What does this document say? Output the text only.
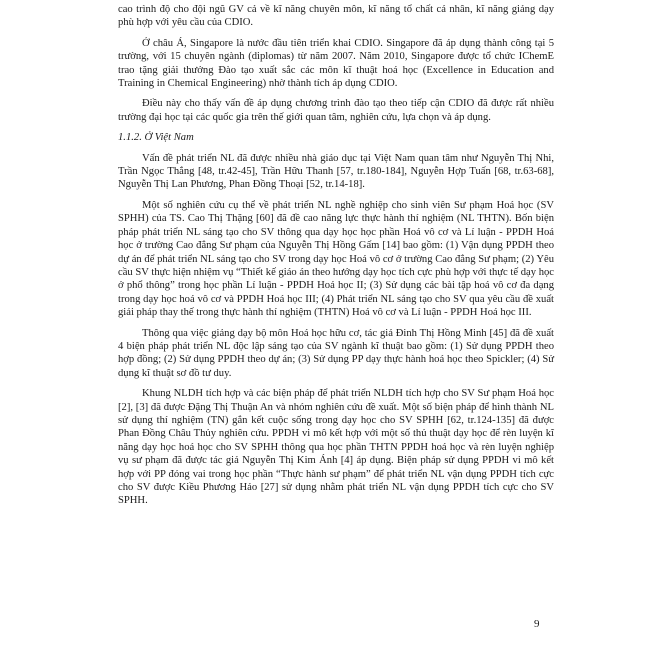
cao trình độ cho đội ngũ GV cả về kĩ năng chuyên môn, kĩ năng tổ chất cá nhân, kĩ năng giảng dạy phù hợp với yêu cầu của CDIO.

Ở châu Á, Singapore là nước đầu tiên triển khai CDIO. Singapore đã áp dụng thành công tại 5 trường, với 15 chuyên ngành (diplomas) từ năm 2007. Năm 2010, Singapore được tổ chức IChemE trao tặng giải thưởng Đào tạo xuất sắc các môn kĩ thuật hoá học (Excellence in Education and Training in Chemical Engineering) nhờ thành tích áp dụng CDIO.

Điều này cho thấy vấn đề áp dụng chương trình đào tạo theo tiếp cận CDIO đã được rất nhiều trường đại học tại các quốc gia trên thế giới quan tâm, nghiên cứu, lựa chọn và áp dụng.

1.1.2. Ở Việt Nam

Vấn đề phát triển NL đã được nhiều nhà giáo dục tại Việt Nam quan tâm như Nguyễn Thị Nhi, Trần Ngọc Thắng [48, tr.42-45], Trần Hữu Thanh [57, tr.180-184], Nguyễn Hợp Tuấn [68, tr.63-68], Nguyễn Thị Lan Phương, Phan Đồng Thoại [52, tr.14-18].

Một số nghiên cứu cụ thể về phát triển NL nghề nghiệp cho sinh viên Sư phạm Hoá học (SV SPHH) của TS. Cao Thị Thặng [60] đã đề cao năng lực thực hành thí nghiệm (NL THTN). Bốn biện pháp phát triển NL sáng tạo cho SV thông qua dạy học học phần Hoá vô cơ và Lí luận - PPDH Hoá học ở trường Cao đẳng Sư phạm của Nguyễn Thị Hồng Gấm [14] bao gồm: (1) Vận dụng PPDH theo dự án để phát triển NL sáng tạo cho SV trong dạy học Hoá vô cơ ở trường Cao đẳng Sư phạm; (2) Yêu cầu SV thực hiện nhiệm vụ “Thiết kế giáo án theo hướng dạy học tích cực phù hợp với thực tế dạy học ở phổ thông” trong học phần Lí luận - PPDH Hoá học II; (3) Sử dụng các bài tập hoá vô cơ đa dạng trong dạy học hoá vô cơ và PPDH Hoá học III; (4) Phát triển NL sáng tạo cho SV qua yêu cầu đề xuất giải pháp thay thế trong thực hành thí nghiệm (THTN) Hoá vô cơ và Lí luận - PPDH Hoá học III.

Thông qua việc giảng dạy bộ môn Hoá học hữu cơ, tác giả Đinh Thị Hồng Minh [45] đã đề xuất 4 biện pháp phát triển NL độc lập sáng tạo của SV ngành kĩ thuật bao gồm: (1) Sử dụng PPDH theo hợp đồng; (2) Sử dụng PPDH theo dự án; (3) Sử dụng PP dạy thực hành hoá học theo Spickler; (4) Sử dụng kĩ thuật sơ đồ tư duy.

Khung NLDH tích hợp và các biện pháp để phát triển NLDH tích hợp cho SV Sư phạm Hoá học [2], [3] đã được Đặng Thị Thuận An và nhóm nghiên cứu đề xuất. Một số biện pháp để hình thành NL sử dụng thí nghiệm (TN) gắn kết cuộc sống trong dạy học cho SV SPHH [62, tr.124-135] đã được Phan Đồng Châu Thủy nghiên cứu. PPDH vi mô kết hợp với một số thủ thuật dạy học để rèn luyện kĩ năng dạy học hoá học cho SV SPHH thông qua học phần THTN PPDH hoá học và rèn luyện nghiệp vụ sư phạm đã được tác giả Nguyễn Thị Kim Ánh [4] áp dụng. Biện pháp sử dụng PPDH vi mô kết hợp với PP đóng vai trong học phần “Thực hành sư phạm” để phát triển NL vận dụng PPDH tích cực cho SV được Kiều Phương Hảo [27] sử dụng nhằm phát triển NL vận dụng PPDH tích cực cho SV SPHH.

9
